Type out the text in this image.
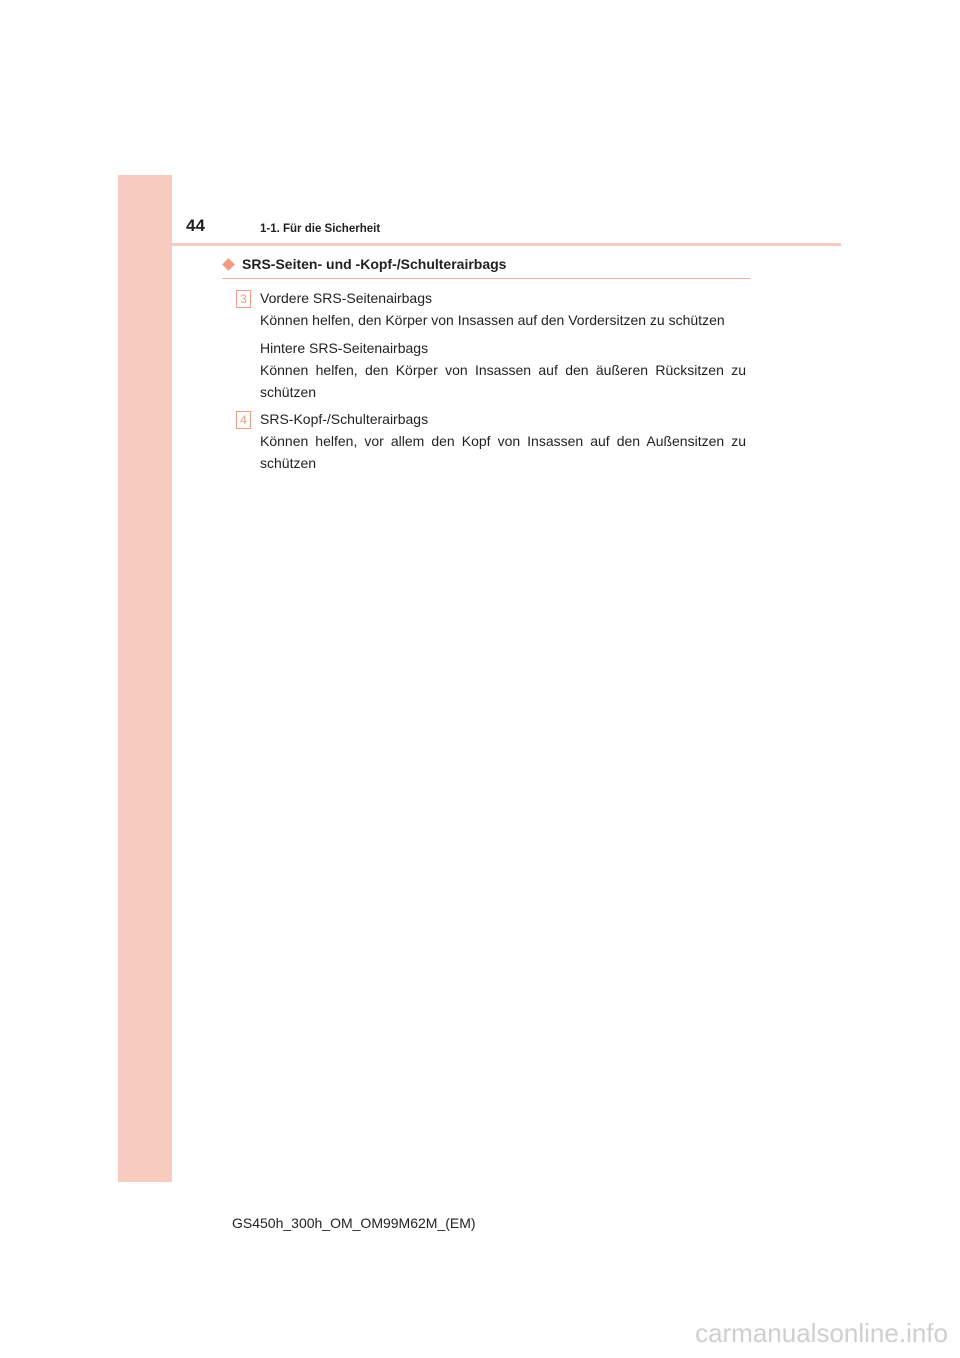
44	1-1. Für die Sicherheit
SRS-Seiten- und -Kopf-/Schulterairbags
3 Vordere SRS-Seitenairbags
Können helfen, den Körper von Insassen auf den Vordersitzen zu schützen
Hintere SRS-Seitenairbags
Können helfen, den Körper von Insassen auf den äußeren Rücksitzen zu schützen
4 SRS-Kopf-/Schulterairbags
Können helfen, vor allem den Kopf von Insassen auf den Außensitzen zu schützen
GS450h_300h_OM_OM99M62M_(EM)
carmanualsonline.info
